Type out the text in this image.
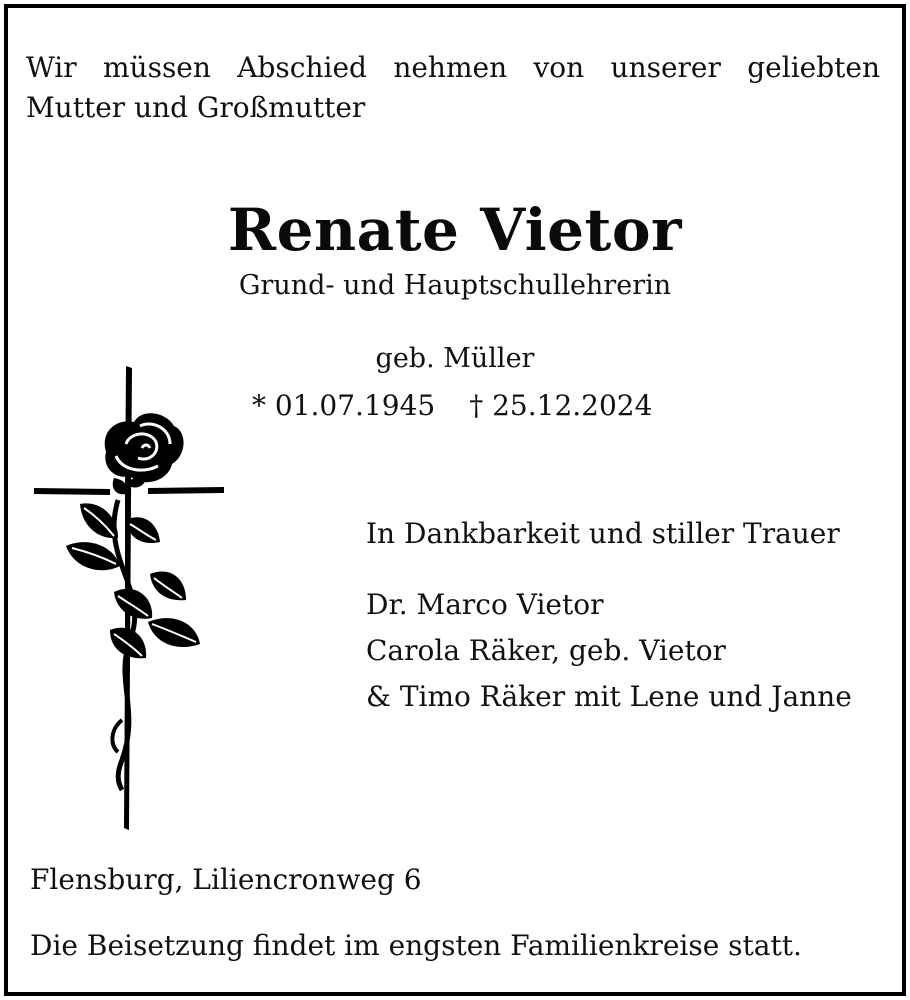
Wir müssen Abschied nehmen von unserer geliebten Mutter und Großmutter
Renate Vietor
Grund- und Hauptschullehrerin
geb. Müller
* 01.07.1945 † 25.12.2024
In Dankbarkeit und stiller Trauer
Dr. Marco Vietor
Carola Räker, geb. Vietor
& Timo Räker mit Lene und Janne
Flensburg, Liliencronweg 6
Die Beisetzung findet im engsten Familienkreise statt.
